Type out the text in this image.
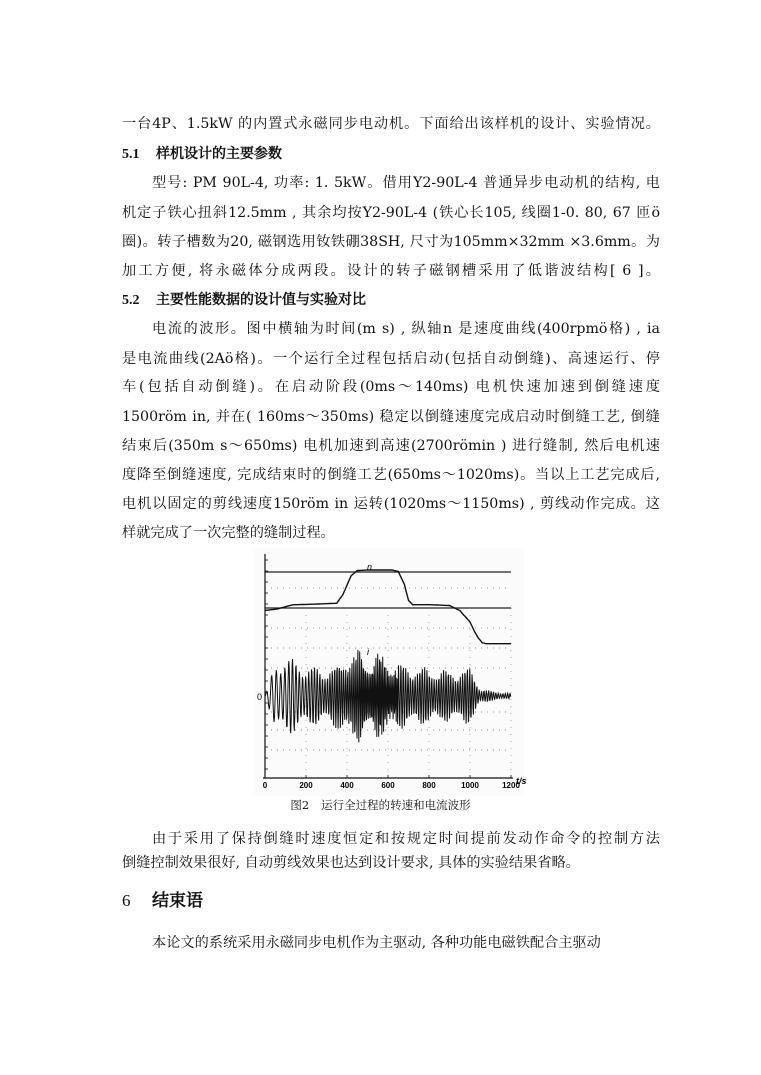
一台4P、1.5kW 的内置式永磁同步电动机。下面给出该样机的设计、实验情况。
5.1 样机设计的主要参数
型号: PM 90L-4, 功率: 1. 5kW。借用Y2-90L-4 普通异步电动机的结构, 电
机定子铁心扭斜12.5mm , 其余均按Y2-90L-4 (铁心长105, 线圈1-0. 80, 67 匝ö
圈)。转子槽数为20, 磁钢选用钕铁硼38SH, 尺寸为105mm×32mm ×3.6mm。为
加工方便, 将永磁体分成两段。设计的转子磁钢槽采用了低谐波结构[ 6 ]。
5.2 主要性能数据的设计值与实验对比
电流的波形。图中横轴为时间(m s) , 纵轴n 是速度曲线(400rpmö格) , ia
是电流曲线(2Aö格)。一个运行全过程包括启动(包括自动倒缝)、高速运行、停
车(包括自动倒缝)。在启动阶段(0ms～140ms) 电机快速加速到倒缝速度
1500röm in, 并在( 160ms～350ms) 稳定以倒缝速度完成启动时倒缝工艺, 倒缝
结束后(350m s～650ms) 电机加速到高速(2700römin ) 进行缝制, 然后电机速
度降至倒缝速度, 完成结束时的倒缝工艺(650ms～1020ms)。当以上工艺完成后,
电机以固定的剪线速度150röm in 运转(1020ms～1150ms) , 剪线动作完成。这
样就完成了一次完整的缝制过程。
n
i
0
0	200	400	600	800	1000	1200
t/s
图2 运行全过程的转速和电流波形
由于采用了保持倒缝时速度恒定和按规定时间提前发动作命令的控制方法
倒缝控制效果很好, 自动剪线效果也达到设计要求, 具体的实验结果省略。
6 结束语
本论文的系统采用永磁同步电机作为主驱动, 各种功能电磁铁配合主驱动
